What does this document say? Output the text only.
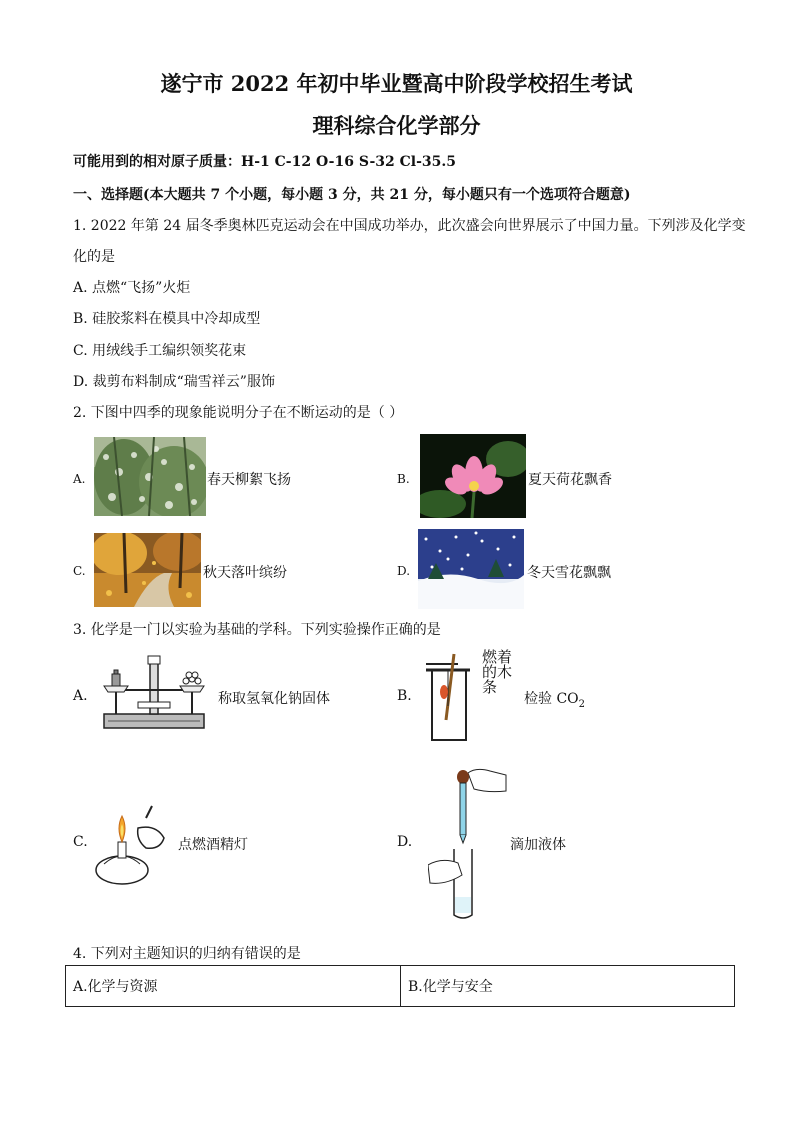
遂宁市 2022 年初中毕业暨高中阶段学校招生考试
理科综合化学部分
可能用到的相对原子质量：H-1 C-12 O-16 S-32 Cl-35.5
一、选择题(本大题共 7 个小题，每小题 3 分，共 21 分，每小题只有一个选项符合题意)
1. 2022 年第 24 届冬季奥林匹克运动会在中国成功举办，此次盛会向世界展示了中国力量。下列涉及化学变
化的是
A. 点燃“飞扬”火炬
B. 硅胶浆料在模具中冷却成型
C. 用绒线手工编织领奖花束
D. 裁剪布料制成“瑞雪祥云”服饰
2. 下图中四季的现象能说明分子在不断运动的是（ ）
A.	春天柳絮飞扬	B.	夏天荷花飘香
C.	秋天落叶缤纷	D.	冬天雪花飘飘
3. 化学是一门以实验为基础的学科。下列实验操作正确的是
A.	称取氢氧化钠固体	B.
燃着
的木
条
检验 $CO_2$
C.	点燃酒精灯	D.	滴加液体
4. 下列对主题知识的归纳有错误的是
A.化学与资源	B.化学与安全
